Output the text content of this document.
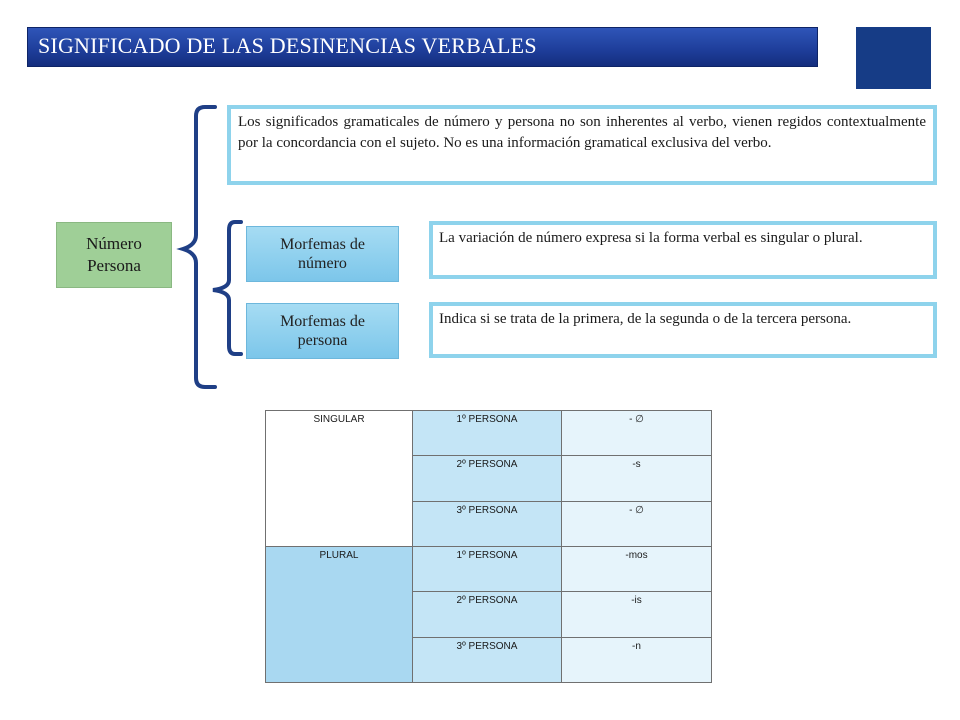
SIGNIFICADO DE LAS DESINENCIAS VERBALES
Número
Persona
Los significados gramaticales de número y persona no son inherentes al verbo, vienen regidos contextualmente por la concordancia con el sujeto. No es una información gramatical exclusiva del verbo.
Morfemas de
número
Morfemas de
persona
La variación de número expresa si la forma verbal es singular o plural.
Indica si se trata de la primera, de la segunda o de la tercera persona.
SINGULAR	1º PERSONA	- ∅
	2º PERSONA	-s
	3º PERSONA	- ∅
PLURAL	1º PERSONA	-mos
	2º PERSONA	-is
	3º PERSONA	-n
